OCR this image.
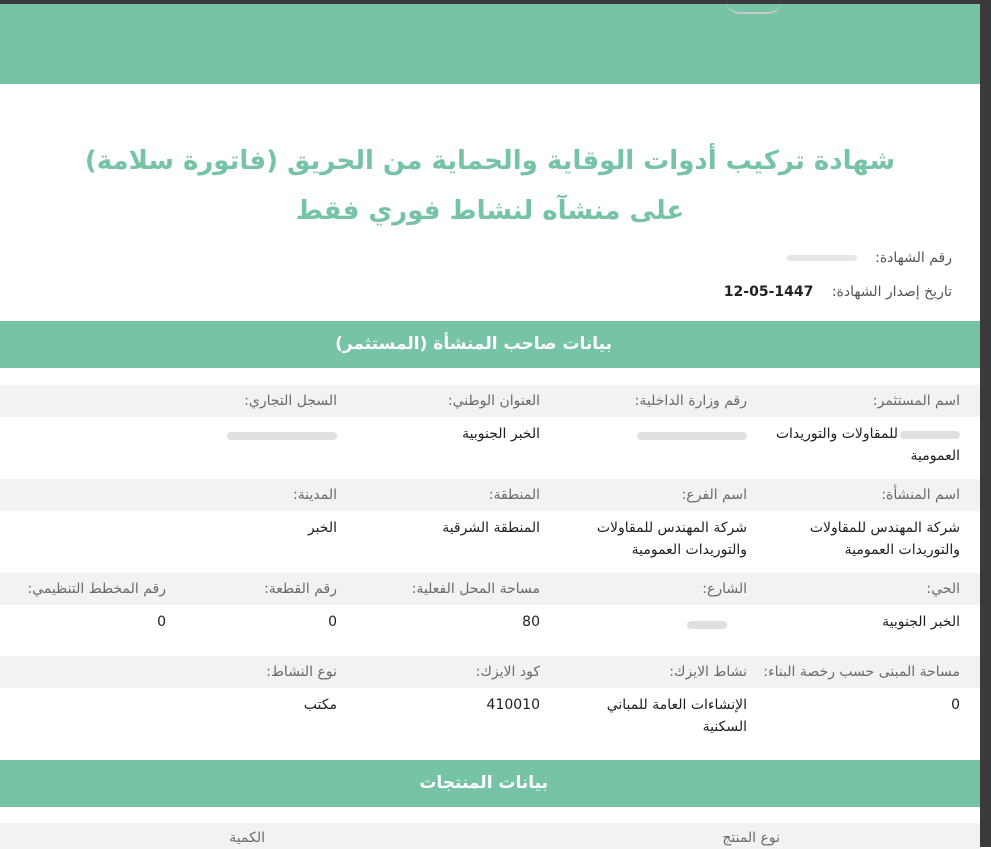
شهادة تركيب أدوات الوقاية والحماية من الحريق (فاتورة سلامة)
على منشآه لنشاط فوري فقط
رقم الشهادة:
تاريخ إصدار الشهادة: 1447-05-12
بيانات صاحب المنشأة (المستثمر)
اسم المستثمر:
رقم وزارة الداخلية:
العنوان الوطني:
السجل التجاري:
للمقاولات والتوريدات العمومية
الخبر الجنوبية
اسم المنشأة:
اسم الفرع:
المنطقة:
المدينة:
شركة المهندس للمقاولات والتوريدات العمومية
شركة المهندس للمقاولات والتوريدات العمومية
المنطقة الشرقية
الخبر
الحي:
الشارع:
مساحة المحل الفعلية:
رقم القطعة:
رقم المخطط التنظيمي:
الخبر الجنوبية
80
0
0
مساحة المبنى حسب رخصة البناء:
نشاط الايزك:
كود الايزك:
نوع النشاط:
0
الإنشاءات العامة للمباني السكنية
410010
مكتب
بيانات المنتجات
نوع المنتج
الكمية
